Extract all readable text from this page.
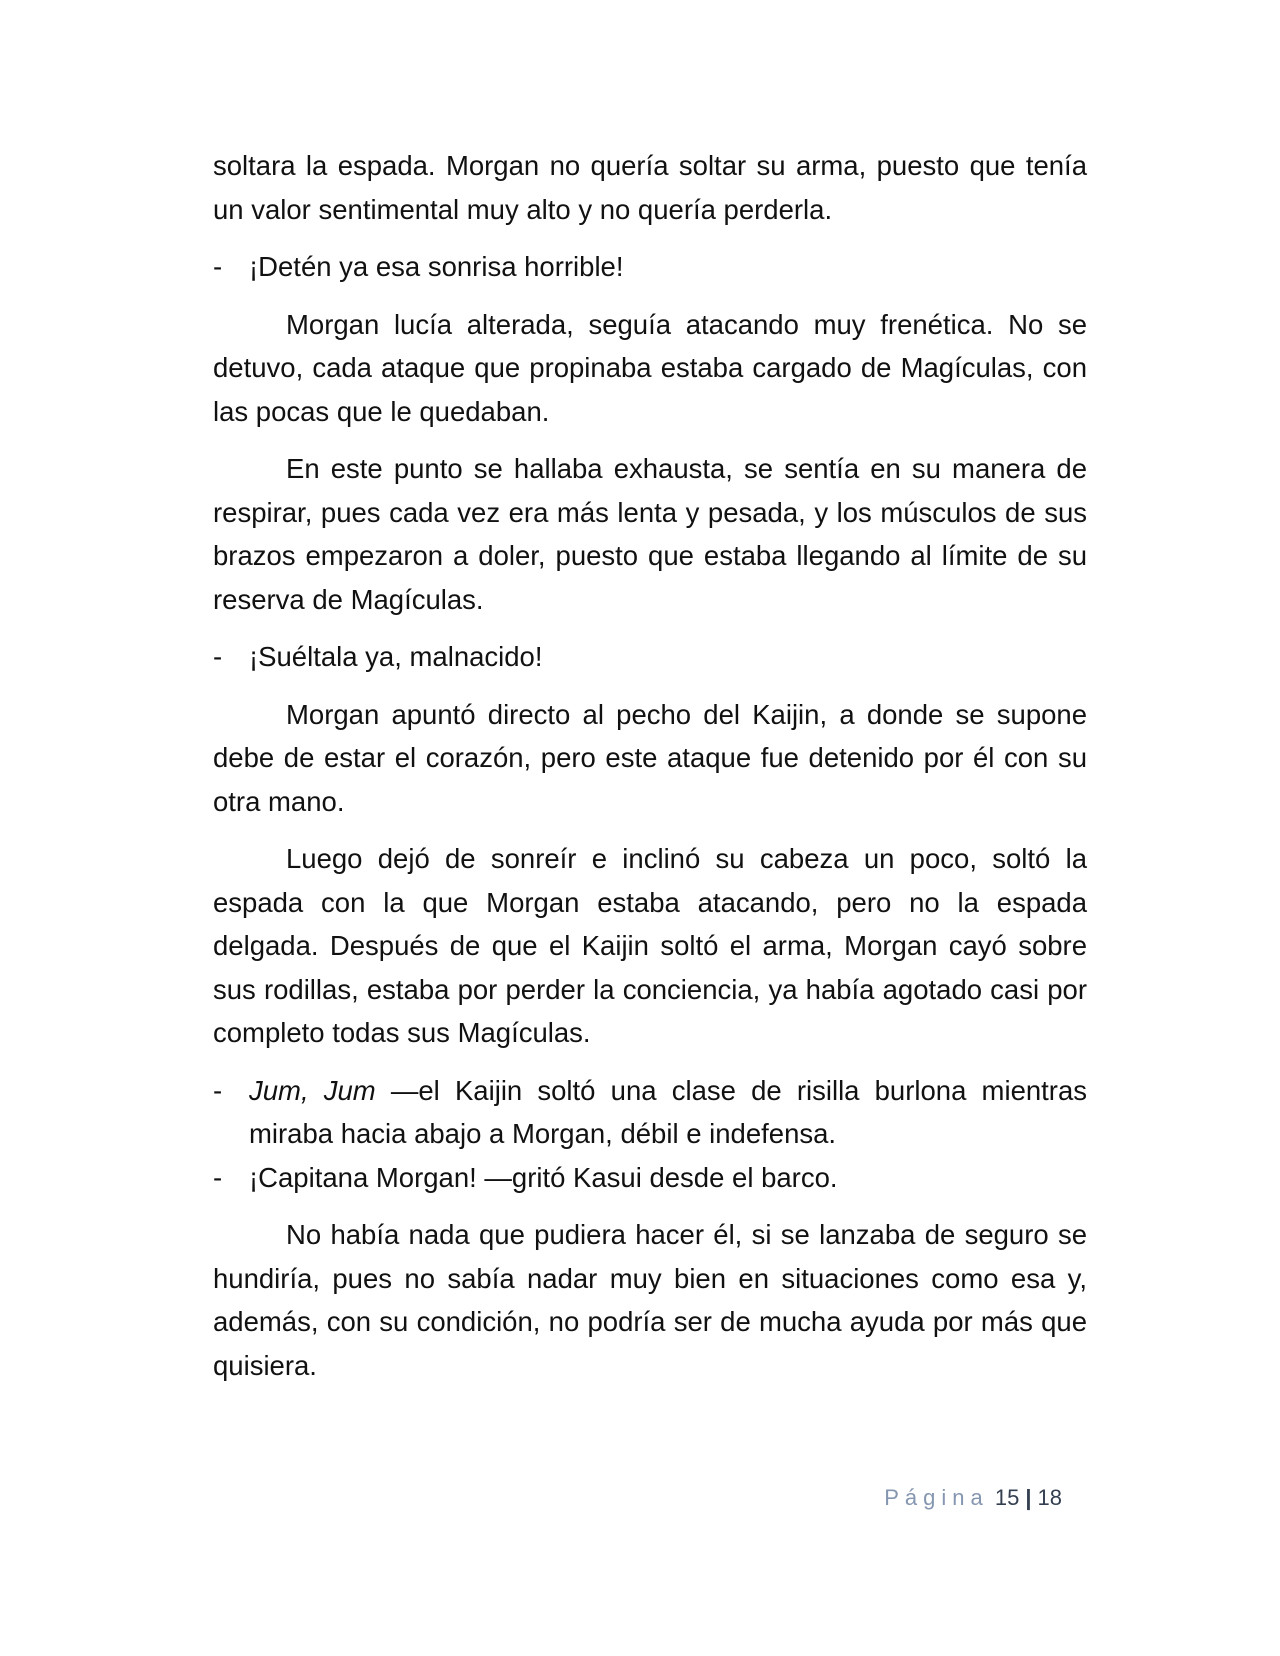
soltara la espada. Morgan no quería soltar su arma, puesto que tenía un valor sentimental muy alto y no quería perderla.

- ¡Detén ya esa sonrisa horrible!

Morgan lucía alterada, seguía atacando muy frenética. No se detuvo, cada ataque que propinaba estaba cargado de Magículas, con las pocas que le quedaban.

En este punto se hallaba exhausta, se sentía en su manera de respirar, pues cada vez era más lenta y pesada, y los músculos de sus brazos empezaron a doler, puesto que estaba llegando al límite de su reserva de Magículas.

- ¡Suéltala ya, malnacido!

Morgan apuntó directo al pecho del Kaijin, a donde se supone debe de estar el corazón, pero este ataque fue detenido por él con su otra mano.

Luego dejó de sonreír e inclinó su cabeza un poco, soltó la espada con la que Morgan estaba atacando, pero no la espada delgada. Después de que el Kaijin soltó el arma, Morgan cayó sobre sus rodillas, estaba por perder la conciencia, ya había agotado casi por completo todas sus Magículas.

- Jum, Jum —el Kaijin soltó una clase de risilla burlona mientras miraba hacia abajo a Morgan, débil e indefensa.
- ¡Capitana Morgan! —gritó Kasui desde el barco.

No había nada que pudiera hacer él, si se lanzaba de seguro se hundiría, pues no sabía nadar muy bien en situaciones como esa y, además, con su condición, no podría ser de mucha ayuda por más que quisiera.

Página 15 | 18
